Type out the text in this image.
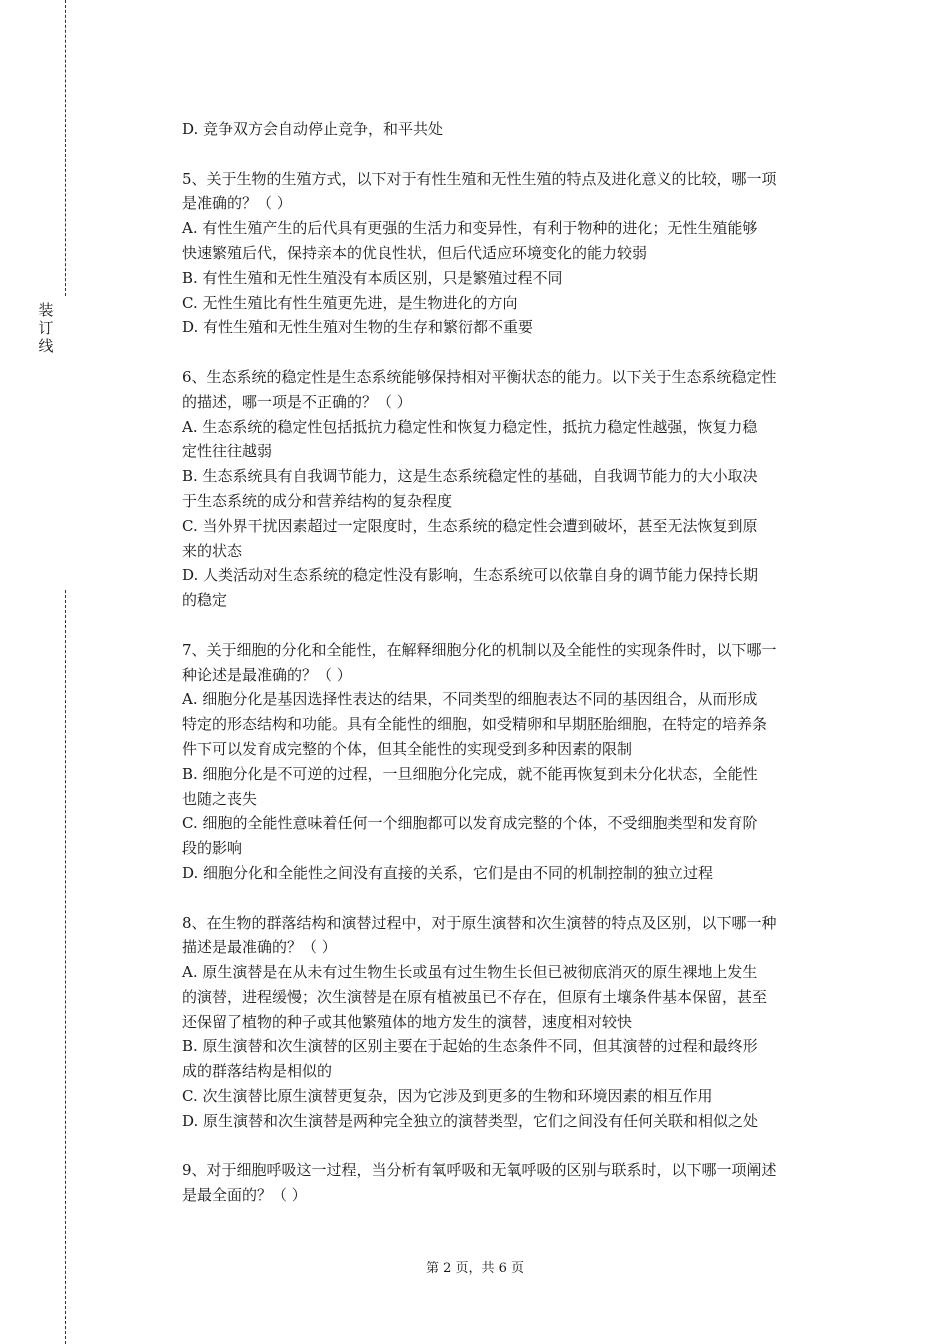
装
订
线

D. 竞争双方会自动停止竞争，和平共处

5、关于生物的生殖方式，以下对于有性生殖和无性生殖的特点及进化意义的比较，哪一项

是准确的？（ ）

A. 有性生殖产生的后代具有更强的生活力和变异性，有利于物种的进化；无性生殖能够

快速繁殖后代，保持亲本的优良性状，但后代适应环境变化的能力较弱

B. 有性生殖和无性生殖没有本质区别，只是繁殖过程不同

C. 无性生殖比有性生殖更先进，是生物进化的方向

D. 有性生殖和无性生殖对生物的生存和繁衍都不重要

6、生态系统的稳定性是生态系统能够保持相对平衡状态的能力。以下关于生态系统稳定性

的描述，哪一项是不正确的？（ ）

A. 生态系统的稳定性包括抵抗力稳定性和恢复力稳定性，抵抗力稳定性越强，恢复力稳

定性往往越弱

B. 生态系统具有自我调节能力，这是生态系统稳定性的基础，自我调节能力的大小取决

于生态系统的成分和营养结构的复杂程度

C. 当外界干扰因素超过一定限度时，生态系统的稳定性会遭到破坏，甚至无法恢复到原

来的状态

D. 人类活动对生态系统的稳定性没有影响，生态系统可以依靠自身的调节能力保持长期

的稳定

7、关于细胞的分化和全能性，在解释细胞分化的机制以及全能性的实现条件时，以下哪一

种论述是最准确的？（ ）

A. 细胞分化是基因选择性表达的结果，不同类型的细胞表达不同的基因组合，从而形成

特定的形态结构和功能。具有全能性的细胞，如受精卵和早期胚胎细胞，在特定的培养条

件下可以发育成完整的个体，但其全能性的实现受到多种因素的限制

B. 细胞分化是不可逆的过程，一旦细胞分化完成，就不能再恢复到未分化状态，全能性

也随之丧失

C. 细胞的全能性意味着任何一个细胞都可以发育成完整的个体，不受细胞类型和发育阶

段的影响

D. 细胞分化和全能性之间没有直接的关系，它们是由不同的机制控制的独立过程

8、在生物的群落结构和演替过程中，对于原生演替和次生演替的特点及区别，以下哪一种

描述是最准确的？（ ）

A. 原生演替是在从未有过生物生长或虽有过生物生长但已被彻底消灭的原生裸地上发生

的演替，进程缓慢；次生演替是在原有植被虽已不存在，但原有土壤条件基本保留，甚至

还保留了植物的种子或其他繁殖体的地方发生的演替，速度相对较快

B. 原生演替和次生演替的区别主要在于起始的生态条件不同，但其演替的过程和最终形

成的群落结构是相似的

C. 次生演替比原生演替更复杂，因为它涉及到更多的生物和环境因素的相互作用

D. 原生演替和次生演替是两种完全独立的演替类型，它们之间没有任何关联和相似之处

9、对于细胞呼吸这一过程，当分析有氧呼吸和无氧呼吸的区别与联系时，以下哪一项阐述

是最全面的？（ ）

第 2 页，共 6 页
